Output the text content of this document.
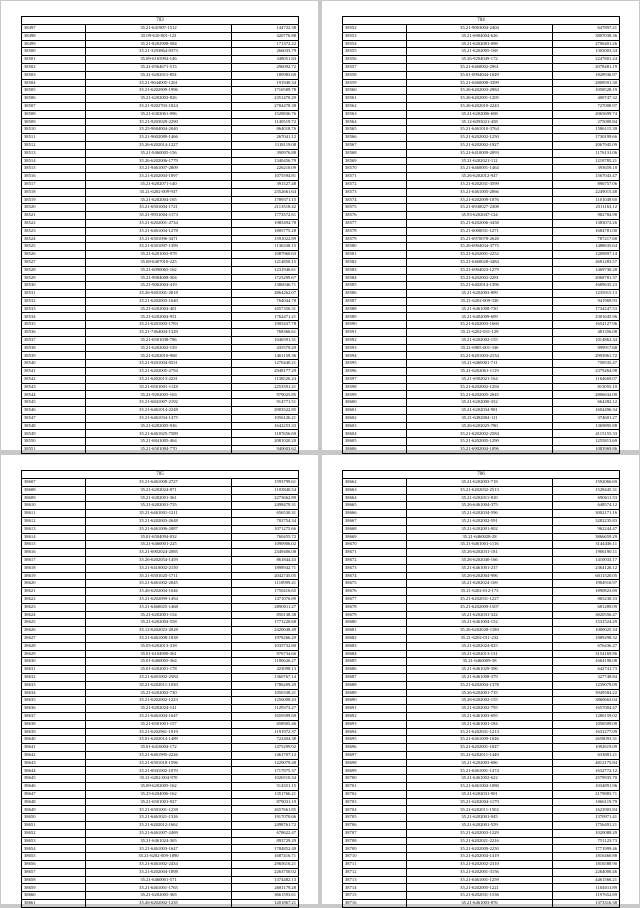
703		
38497	35.21-641907-1512	144722.38
38498	35.09-610-001-123	420776.88
38499	35.21-8202908-584	171372.22
38500	35.21-3293864-0373	266033.79
38501	35.08-6165994-146	348051.84
38502	35.21-0564671-515	296092.72
38503	35.21-6202011-854	180983.69
38504	35.21-9644005-1261	191940.34
38505	35.21-6202909-1996	1716509.78
38506	35.21-6202002-826	2351470.29
38507	35.21-9202703-1824	2784478.38
38508	35.21-6302061-096	1528836.76
38509	35.21-9203029-2290	1140519.72
38510	35.25-9684004-2040	864018.76
38511	35.21-9602080-1466	267041.12
38512	35.26-6202014-1227	1118119.08
38513	35.21-9460005-156	390976.88
38514	35.26-6202006-1779	1340456.79
38515	35.21-9461007-2809	226210.09
38516	35.21-6202004-1097	1075594.81
38517	35.21-6202071-140	391527.48
38518	35.21-6202-009-937	2352661.64
38519	35.21-6202004-165	1789371.15
38520	35.21-6501004-1721	2113518.42
38521	35.21-9931004-1173	1773572.61
38522	35.21-6202001-2734	1985494.78
38523	35.21-6461004-1278	1805775.28
38524	35.21-6501096-3471	1591022.89
38525	35.21-6501097-1399	1136338.15
38526	35.21-6201002-978	1087960.63
38527	35.08-6407010-225	1214850.15
38528	35.21-6090065-162	1231946.61
38529	35.21-8904008-304	1723299.67
38530	35.21-9002004-419	1386946.71
38531	35.26-9401001-2818	2864262.07
38532	35.21-6202003-1640	764044.78
38533	35.21-6202004-401	1657356.31
38534	35.21-6202004-951	1762471.21
38535	35.21-6201003-1783	1905437.78
38536	35.21-7464004-1329	768366.61
38537	35.21-6501038-786	1046591.31
38538	35.21-6202002-159	435579.29
38539	35.21-6202010-968	1461159.36
38540	35.21-9201004-0551	1270440.21
38541	35.21-6202005-2794	2948177.29
38542	35.21-6402013-2231	1138526.24
38543	35.21-6501001-1128	2253591.21
38544	35.21-9202005-163	979025.85
38545	35.21-6841007-2192	914771.51
38546	35.21-6461014-2248	2903522.85
38547	35.21-6461034-1475	1056126.21
38548	35.21-6202005-936	1642253.33
38549	35.21-6461025-7589	1187656.69
38550	35.21-6841005-464	2081020.20
38551	35.21-6501084-770	940603.62
704		
38552	35.21-9063004-2404	647897.21
38553	35.21-6904004-626	3807038.36
38554	35.21-6202081-098	2796401.26
38555	35.21-6202005-168	1305003.34
38556	35.26-9204049-172	2247801.24
38557	35.21-6460002-2961	2078481.19
38558	35.01-0994044-1049	1828936.97
38559	35.21-0460008-3399	2808591.30
38560	35.26-6202003-2984	1058528.19
38561	35.26-6202001-1205	400747.32
38562	35.26-6202010-2243	727008.97
38563	35.21-6202006-608	2065699.74
38564	35.12-6093021-458	275009.84
38565	35.21-6461010-3764	1586115.39
38566	35.21-6202002-1250	1730199.66
38567	35.21-6202002-1927	2067945.09
38568	35.21-6410009-2093	1176131.06
38569	35.21-6202021-112	1218785.21
38570	35.21-6460001-1464	393659.18
38571	35.26-6202012-947	1567043.47
38572	35.21-6202031-3599	896757.06
38573	35.21-6461005-2066	2249015.48
38574	35.21-6202009-1076	1101049.60
38575	35.21-6930027-2308	2511163.12
38576	35.93-6202047-124	982784.98
38577	35.21-6202006-3458	1383072.26
38578	35.21-6000031-1271	1684781.00
38579	35.21-6970078-2628	787217.68
38580	35.26-6904034-3775	1488635.64
38581	35.21-6202001-2252	1209897.14
38582	35.21-6460028-3484	2681283.57
38583	35.21-6904023-1279	1469730.28
38584	35.21-6202002-2281	2068781.37
38585	35.21-6402014-1396	1689635.23
38586	35.21-6202003-899	1235915.13
38587	35.21-6202-009-330	941969.93
38588	35.21-6461008-730	1734247.53
38589	35.21-6402009-609	2301645.96
38590	35.21-6202003-1660	1654127.96
38591	35.21-6202-031-129	481356.08
38592	35.21-6202002-155	1014862.34
38593	35.21-6905-001-336	899917.68
38594	35.21-6201003-2154	2993961.72
38595	35.21-6460001-711	758535.47
38596	35.21-6202061-1119	2379264.98
38597	35.21-6902021-164	1164669.07
38598	35.21-6202002-1294	815055.10
38599	35.21-6202005-2045	2806632.00
38600	35.21-6202000-352	664282.12
38601	35.21-6202034-981	1604496.34
38602	35.21-6492004-111	374601.27
38603	35.26-6202025-780	1369895.88
38604	35.21-6202002-2584	4115155.33
38605	35.21-6202005-1290	1255813.69
38606	35.21-6902004-1096	1083969.86
705		
38607	35.21-6461008-2727	1593799.61
38608	35.21-6202024-871	1103840.54
38609	35.21-6202001-361	2273662.89
38610	35.21-6202001-755	2498479.31
38611	35.21-6461001-1211	656530.31
38612	35.21-6202003-2648	702754.34
38613	35.21-6461006-2087	1071275.66
38614	35.01-6504094-032	760455.72
38615	35.21-6460001-225	1090906.02
38616	35.21-6902024-2085	2349406.08
38617	35.26-6202054-1459	861844.43
38618	35.21-6410002-2150	1898942.71
38619	35.21-6501025-1711	2042745.05
38620	35.21-6461002-2045	1118999.41
38621	35.26-6202004-1046	1750416.65
38622	35.21-6202099-1494	1471076.89
38623	35.21-6460025-1468	2890011.27
38624	35.21-6202001-154	850138.38
38625	35.21-6202004-558	1771220.68
38626	35.12-6202023-2028	2420048.49
38627	35.21-6461008-1838	1978266.29
38628	35.05-6202013-318	1035732.80
38629	35.01-6104900-361	976734.66
38630	35.01-6460005-364	1180626.27
38631	35.01-6202001-178	423098.13
38632	35.21-6401002-2584	1360767.14
38633	35.21-6202011-1030	1786209.29
38634	35.21-6202002-730	1050338.21
38635	35.21-6202002-1223	1256008.43
38636	35.21-6202024-141	1129373.27
38637	35.21-6461004-1647	1659399.69
38638	35.21-6501001-157	658905.46
38639	35.21-6202961-1919	1191972.37
38640	35.01-6202014-1489	722404.38
38641	35.01-6416004-172	1475299.02
38642	35.21-6461995-2226	1461707.12
38643	35.21-6501018-1596	1229079.48
38644	35.21-6941002-1070	1717875.37
38645	35.21-6202-004-970	1026510.34
38646	35.09-6202005-162	514351.15
38647	35.25-6204006-162	1351766.21
38648	35.21-6501001-927	879031.19
38649	35.21-6501001-1238	2657661.85
38650	35.21-6461021-1326	1917070.66
38651	35.21-6202012-1662	2498761.72
38652	35.21-6461007-2469	678622.47
38653	35.21-6461024-365	893729.29
38654	35.21-6461003-1647	1784852.49
38655	35.21-6202-009-1890	1687416.71
38656	35.21-6461002-2434	2965616.21
38657	35.21-6202004-1898	2263750.02
38658	35.21-6460001-571	1374482.13
38659	35.21-6461001-1765	2681179.28
38660	35.21-6202005-365	3661593.61
38661	35.26-6202002-1235	1201867.21
706		
38662	35.21-6202003-718	1592066.69
38663	35.21-6202032-2513	1528445.31
38664	35.21-6202011-810	690611.53
38665	35.26-6461004-375	648574.12
38666	35.21-6202034-596	3002171.16
38667	35.21-6202002-591	3282235.83
38668	35.21-6202001-002	962244.47
38669	35.21-6460028-28	3866659.29
38670	35.21-6461001-1116	3144436.11
38671	35.26-6202031-181	1906190.11
38672	35.26-6202040-166	1410033.17
38673	35.21-6461001-237	2364126.12
38674	35.26-6202004-996	6011520.05
38675	35.21-6202024-169	1904916.97
38676	35.21-6202-012-173	1890823.69
38677	35.21-6202031-1227	865230.33
38678	35.21-6202009-1507	681289.09
38679	35.21-6202031-322	3820556.47
38680	35.21-6461004-152	1531524.29
38681	35.26-6202028-1180	1000025.34
38682	35.21-6202-011-232	1889298.32
38683	35.21-6202024-025	676436.27
38684	35.21-6202013-131	3154169.86
38685	35.21-6460009-38	1664198.08
38686	35.21-6461029-396	642741.73
38687	35.21-6461008-379	327748.84
38688	35.21-6202004-1378	1239079.09
38689	35.26-6202001-735	3949584.22
38690	35.26-6202002-155	3860663.04
38691	35.21-6202002-795	1657004.47
38692	35.21-6461003-695	1280159.02
38693	35.21-6461001-184	1058509.08
38694	35.21-6202031-1213	1631277.09
38695	35.21-6461009-1046	2658093.31
38696	35.21-6202001-1847	1092619.09
38697	35.21-6202011-1440	633881.21
38698	35.21-6202003-686	4812175.84
38699	35.21-6461001-1474	1632772.12
38700	35.21-6461002-622	2579935.70
38701	35.21-6461004-1080	1034891.96
38702	35.21-6202031-901	2179883.71
38703	35.21-6202004-1179	1066119.79
38704	35.21-6202011-1502	1623903.84
38705	35.21-6202001-945	1370971.41
38706	35.21-6202001-559	1756491.21
38707	35.21-6202003-1229	1020088.29
38708	35.21-6202021-2216	751123.73
38709	35.21-6202009-2250	1771999.46
38710	35.21-6202004-1419	1816460.88
38711	35.21-6202002-2310	1816588.90
38712	35.21-6202001-3156	2264000.46
38713	35.21-6461001-1259	4461566.21
38714	35.21-6202005-1221	1104011.89
38715	35.21-6202031-1536	1197652.69
38716	35.21-6461003-876	1373316.38
